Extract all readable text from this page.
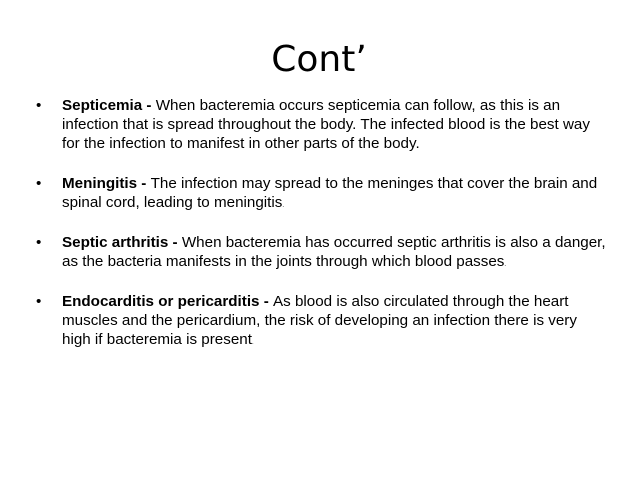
Cont’
• Septicemia - When bacteremia occurs septicemia can follow, as this is an infection that is spread throughout the body. The infected blood is the best way for the infection to manifest in other parts of the body.
• Meningitis - The infection may spread to the meninges that cover the brain and spinal cord, leading to meningitis.
• Septic arthritis - When bacteremia has occurred septic arthritis is also a danger, as the bacteria manifests in the joints through which blood passes.
• Endocarditis or pericarditis - As blood is also circulated through the heart muscles and the pericardium, the risk of developing an infection there is very high if bacteremia is present.
